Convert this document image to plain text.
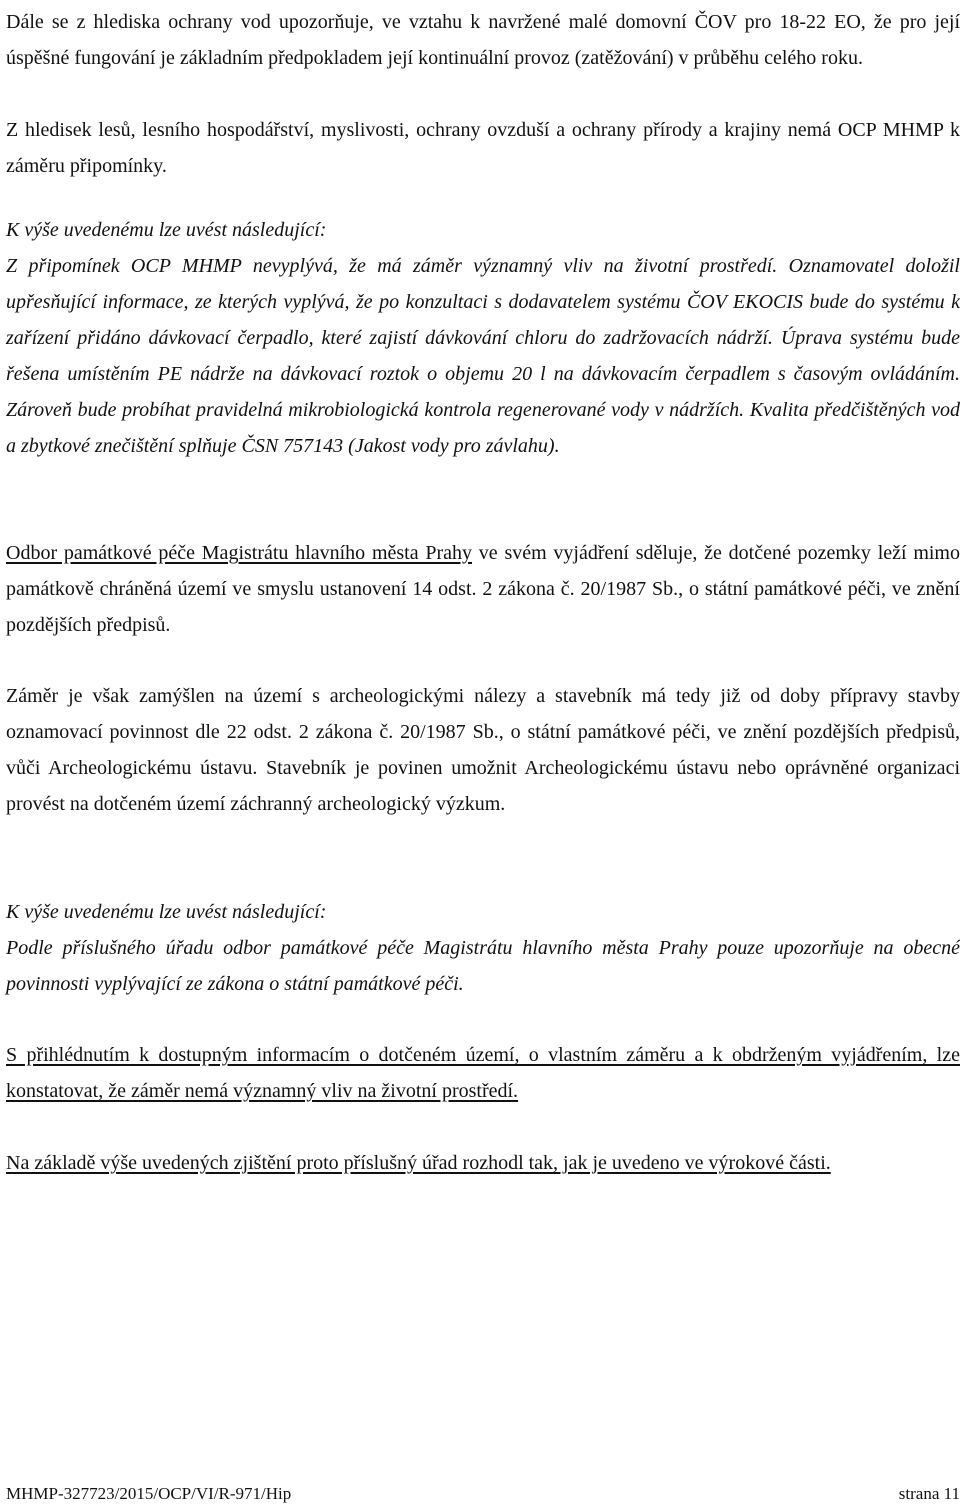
Dále se z hlediska ochrany vod upozorňuje, ve vztahu k navržené malé domovní ČOV pro 18-22 EO, že pro její úspěšné fungování je základním předpokladem její kontinuální provoz (zatěžování) v průběhu celého roku.

Z hledisek lesů, lesního hospodářství, myslivosti, ochrany ovzduší a ochrany přírody a krajiny nemá OCP MHMP k záměru připomínky.

K výše uvedenému lze uvést následující:

Z připomínek OCP MHMP nevyplývá, že má záměr významný vliv na životní prostředí. Oznamovatel doložil upřesňující informace, ze kterých vyplývá, že po konzultaci s dodavatelem systému ČOV EKOCIS bude do systému k zařízení přidáno dávkovací čerpadlo, které zajistí dávkování chloru do zadržovacích nádrží. Úprava systému bude řešena umístěním PE nádrže na dávkovací roztok o objemu 20 l na dávkovacím čerpadlem s časovým ovládáním. Zároveň bude probíhat pravidelná mikrobiologická kontrola regenerované vody v nádržích. Kvalita předčištěných vod a zbytkové znečištění splňuje ČSN 757143 (Jakost vody pro závlahu).

Odbor památkové péče Magistrátu hlavního města Prahy ve svém vyjádření sděluje, že dotčené pozemky leží mimo památkově chráněná území ve smyslu ustanovení 14 odst. 2 zákona č. 20/1987 Sb., o státní památkové péči, ve znění pozdějších předpisů.

Záměr je však zamýšlen na území s archeologickými nálezy a stavebník má tedy již od doby přípravy stavby oznamovací povinnost dle 22 odst. 2 zákona č. 20/1987 Sb., o státní památkové péči, ve znění pozdějších předpisů, vůči Archeologickému ústavu. Stavebník je povinen umožnit Archeologickému ústavu nebo oprávněné organizaci provést na dotčeném území záchranný archeologický výzkum.

K výše uvedenému lze uvést následující:

Podle příslušného úřadu odbor památkové péče Magistrátu hlavního města Prahy pouze upozorňuje na obecné povinnosti vyplývající ze zákona o státní památkové péči.

S přihlédnutím k dostupným informacím o dotčeném území, o vlastním záměru a k obdrženým vyjádřením, lze konstatovat, že záměr nemá významný vliv na životní prostředí.

Na základě výše uvedených zjištění proto příslušný úřad rozhodl tak, jak je uvedeno ve výrokové části.

MHMP-327723/2015/OCP/VI/R-971/Hip	strana 11
